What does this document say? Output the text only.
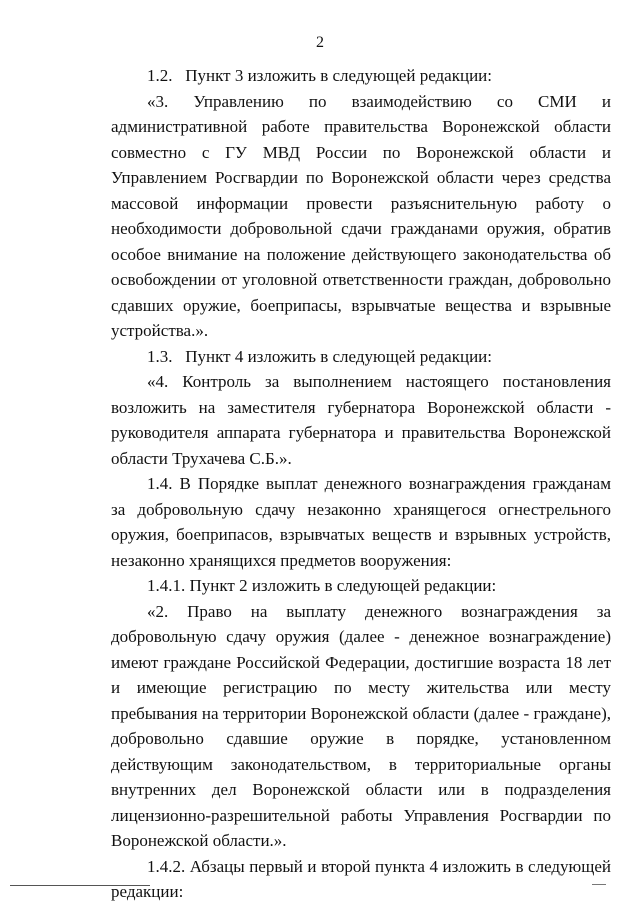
2

1.2.   Пункт 3 изложить в следующей редакции:

«3. Управлению по взаимодействию со СМИ и административной работе правительства Воронежской области совместно с ГУ МВД России по Воронежской области и Управлением Росгвардии по Воронежской области через средства массовой информации провести разъяснительную работу о необходимости добровольной сдачи гражданами оружия, обратив особое внимание на положение действующего законодательства об освобождении от уголовной ответственности граждан, добровольно сдавших оружие, боеприпасы, взрывчатые вещества и взрывные устройства.».

1.3.   Пункт 4 изложить в следующей редакции:

«4. Контроль за выполнением настоящего постановления возложить на заместителя губернатора Воронежской области - руководителя аппарата губернатора и правительства Воронежской области Трухачева С.Б.».

1.4. В Порядке выплат денежного вознаграждения гражданам за добровольную сдачу незаконно хранящегося огнестрельного оружия, боеприпасов, взрывчатых веществ и взрывных устройств, незаконно хранящихся предметов вооружения:

1.4.1. Пункт 2 изложить в следующей редакции:

«2. Право на выплату денежного вознаграждения за добровольную сдачу оружия (далее - денежное вознаграждение) имеют граждане Российской Федерации, достигшие возраста 18 лет и имеющие регистрацию по месту жительства или месту пребывания на территории Воронежской области (далее - граждане), добровольно сдавшие оружие в порядке, установленном действующим законодательством, в территориальные органы внутренних дел Воронежской области или в подразделения лицензионно-разрешительной работы Управления Росгвардии по Воронежской области.».

1.4.2. Абзацы первый и второй пункта 4 изложить в следующей редакции:
